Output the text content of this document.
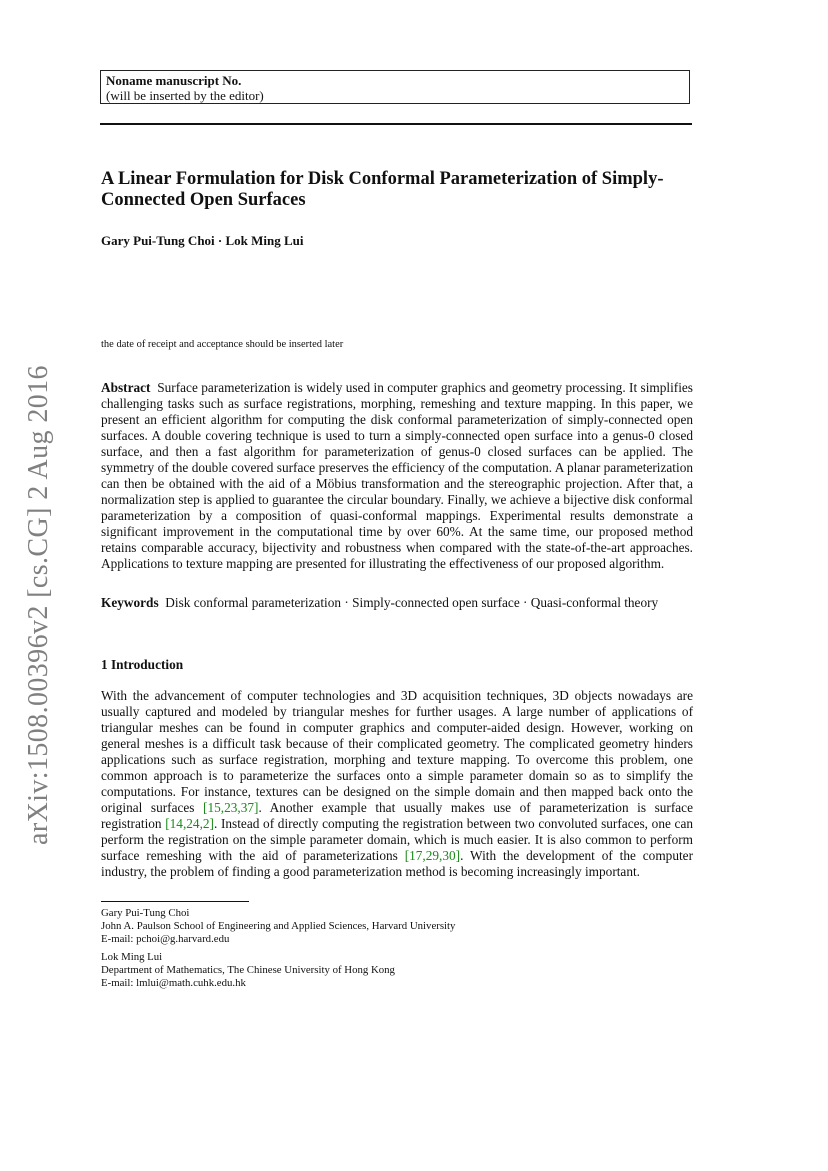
arXiv:1508.00396v2 [cs.CG] 2 Aug 2016
Noname manuscript No.
(will be inserted by the editor)
A Linear Formulation for Disk Conformal Parameterization of Simply-Connected Open Surfaces
Gary Pui-Tung Choi · Lok Ming Lui
the date of receipt and acceptance should be inserted later
Abstract Surface parameterization is widely used in computer graphics and geometry processing. It simplifies challenging tasks such as surface registrations, morphing, remeshing and texture mapping. In this paper, we present an efficient algorithm for computing the disk conformal parameterization of simply-connected open surfaces. A double covering technique is used to turn a simply-connected open surface into a genus-0 closed surface, and then a fast algorithm for parameterization of genus-0 closed surfaces can be applied. The symmetry of the double covered surface preserves the efficiency of the computation. A planar parameterization can then be obtained with the aid of a Möbius transformation and the stereographic projection. After that, a normalization step is applied to guarantee the circular boundary. Finally, we achieve a bijective disk conformal parameterization by a composition of quasi-conformal mappings. Experimental results demonstrate a significant improvement in the computational time by over 60%. At the same time, our proposed method retains comparable accuracy, bijectivity and robustness when compared with the state-of-the-art approaches. Applications to texture mapping are presented for illustrating the effectiveness of our proposed algorithm.
Keywords Disk conformal parameterization · Simply-connected open surface · Quasi-conformal theory
1 Introduction
With the advancement of computer technologies and 3D acquisition techniques, 3D objects nowadays are usually captured and modeled by triangular meshes for further usages. A large number of applications of triangular meshes can be found in computer graphics and computer-aided design. However, working on general meshes is a difficult task because of their complicated geometry. The complicated geometry hinders applications such as surface registration, morphing and texture mapping. To overcome this problem, one common approach is to parameterize the surfaces onto a simple parameter domain so as to simplify the computations. For instance, textures can be designed on the simple domain and then mapped back onto the original surfaces [15,23,37]. Another example that usually makes use of parameterization is surface registration [14,24,2]. Instead of directly computing the registration between two convoluted surfaces, one can perform the registration on the simple parameter domain, which is much easier. It is also common to perform surface remeshing with the aid of parameterizations [17,29,30]. With the development of the computer industry, the problem of finding a good parameterization method is becoming increasingly important.
Gary Pui-Tung Choi
John A. Paulson School of Engineering and Applied Sciences, Harvard University
E-mail: pchoi@g.harvard.edu
Lok Ming Lui
Department of Mathematics, The Chinese University of Hong Kong
E-mail: lmlui@math.cuhk.edu.hk
